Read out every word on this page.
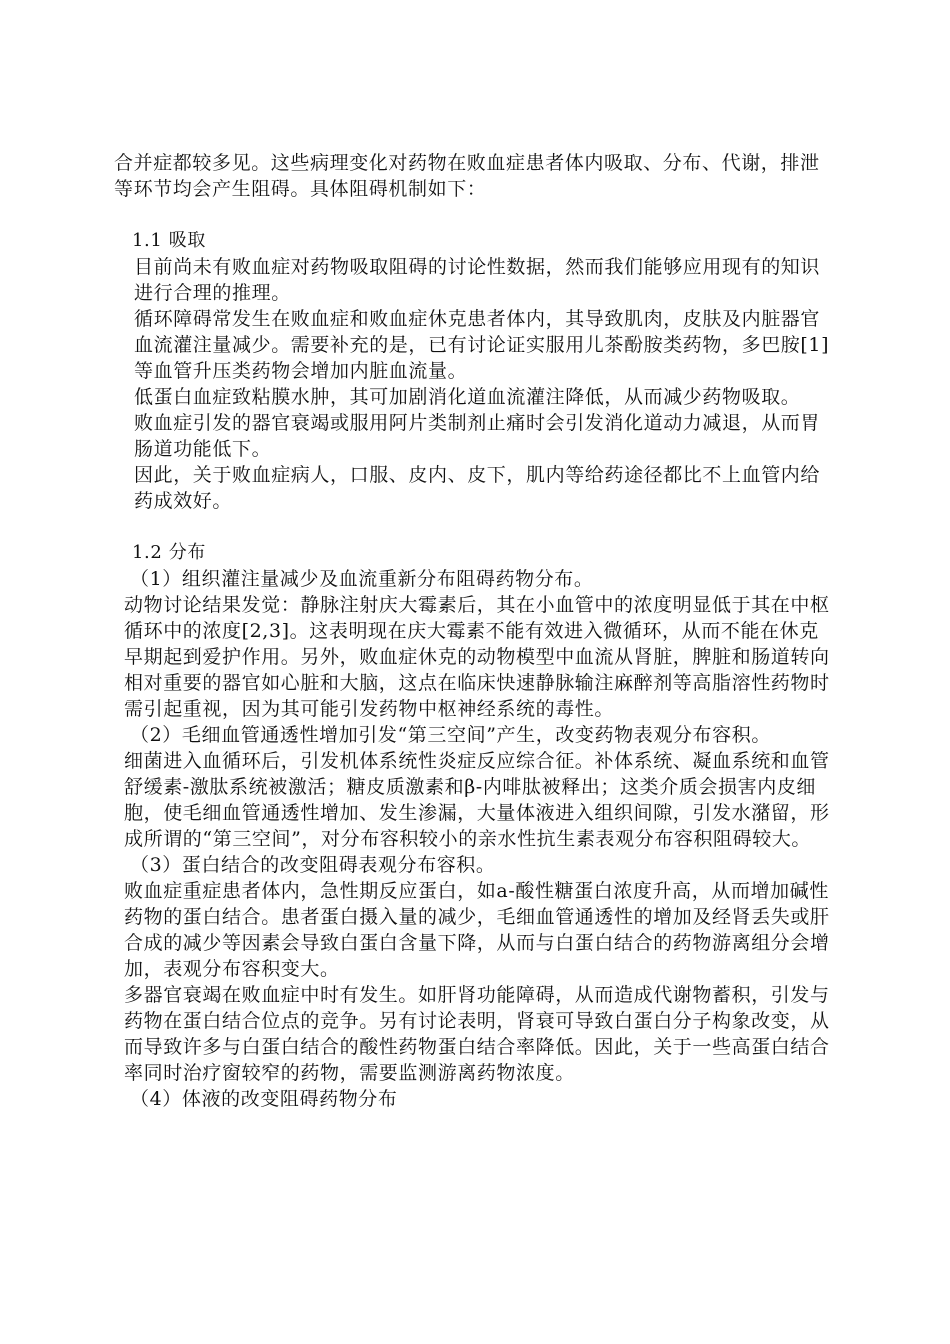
合并症都较多见。这些病理变化对药物在败血症患者体内吸取、分布、代谢，排泄等环节均会产生阻碍。具体阻碍机制如下：

1.1 吸取

目前尚未有败血症对药物吸取阻碍的讨论性数据，然而我们能够应用现有的知识进行合理的推理。

循环障碍常发生在败血症和败血症休克患者体内，其导致肌肉，皮肤及内脏器官血流灌注量减少。需要补充的是，已有讨论证实服用儿茶酚胺类药物，多巴胺[1]等血管升压类药物会增加内脏血流量。

低蛋白血症致粘膜水肿，其可加剧消化道血流灌注降低，从而减少药物吸取。

败血症引发的器官衰竭或服用阿片类制剂止痛时会引发消化道动力减退，从而胃肠道功能低下。

因此，关于败血症病人，口服、皮内、皮下，肌内等给药途径都比不上血管内给药成效好。

1.2 分布

（1）组织灌注量减少及血流重新分布阻碍药物分布。

动物讨论结果发觉：静脉注射庆大霉素后，其在小血管中的浓度明显低于其在中枢循环中的浓度[2,3]。这表明现在庆大霉素不能有效进入微循环，从而不能在休克早期起到爱护作用。另外，败血症休克的动物模型中血流从肾脏，脾脏和肠道转向相对重要的器官如心脏和大脑，这点在临床快速静脉输注麻醉剂等高脂溶性药物时需引起重视，因为其可能引发药物中枢神经系统的毒性。

（2）毛细血管通透性增加引发“第三空间”产生，改变药物表观分布容积。

细菌进入血循环后，引发机体系统性炎症反应综合征。补体系统、凝血系统和血管舒缓素-激肽系统被激活；糖皮质激素和β-内啡肽被释出；这类介质会损害内皮细胞，使毛细血管通透性增加、发生渗漏，大量体液进入组织间隙，引发水潴留，形成所谓的“第三空间”，对分布容积较小的亲水性抗生素表观分布容积阻碍较大。

（3）蛋白结合的改变阻碍表观分布容积。

败血症重症患者体内，急性期反应蛋白，如a-酸性糖蛋白浓度升高，从而增加碱性药物的蛋白结合。患者蛋白摄入量的减少，毛细血管通透性的增加及经肾丢失或肝合成的减少等因素会导致白蛋白含量下降，从而与白蛋白结合的药物游离组分会增加，表观分布容积变大。

多器官衰竭在败血症中时有发生。如肝肾功能障碍，从而造成代谢物蓄积，引发与药物在蛋白结合位点的竞争。另有讨论表明，肾衰可导致白蛋白分子构象改变，从而导致许多与白蛋白结合的酸性药物蛋白结合率降低。因此，关于一些高蛋白结合率同时治疗窗较窄的药物，需要监测游离药物浓度。

（4）体液的改变阻碍药物分布
